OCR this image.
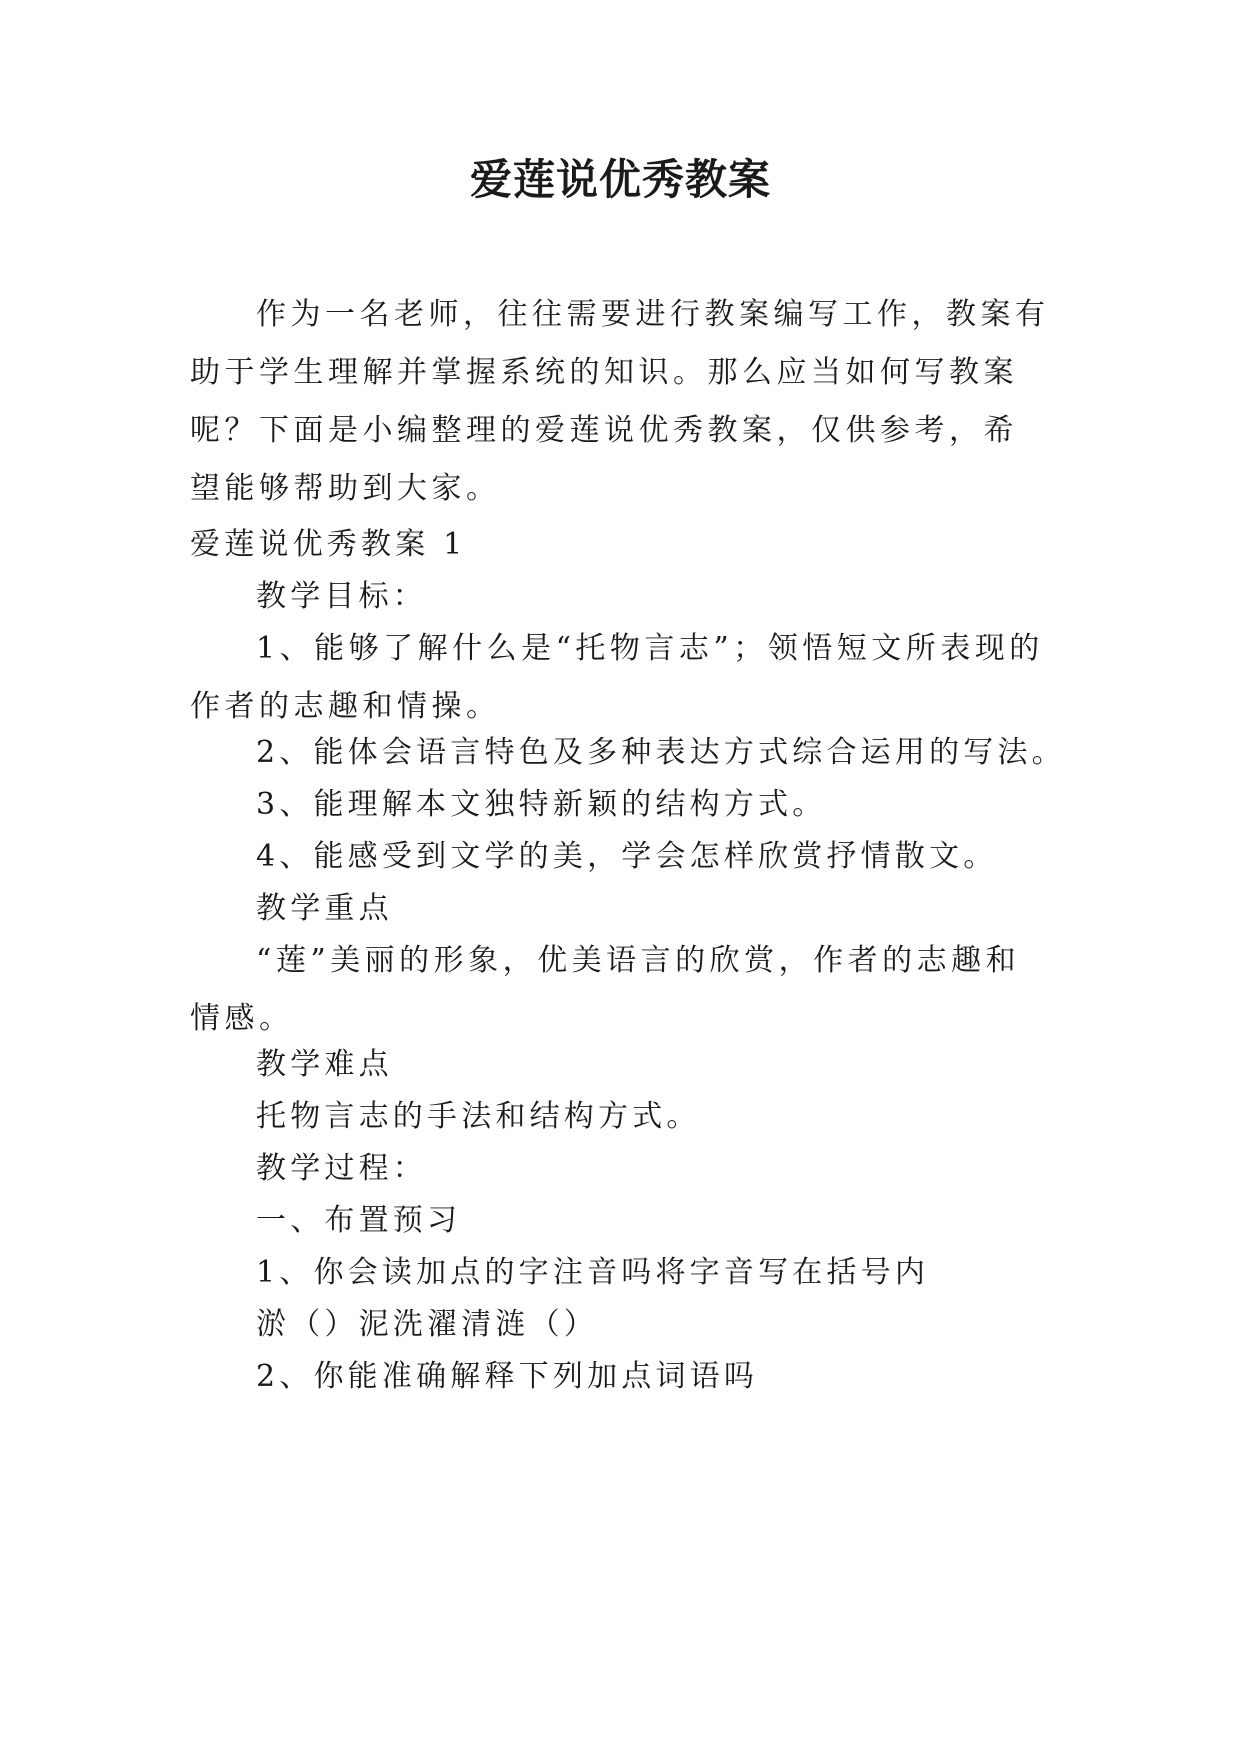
爱莲说优秀教案

作为一名老师，往往需要进行教案编写工作，教案有助于学生理解并掌握系统的知识。那么应当如何写教案呢？下面是小编整理的爱莲说优秀教案，仅供参考，希望能够帮助到大家。

爱莲说优秀教案 1

教学目标：

1、能够了解什么是“托物言志”；领悟短文所表现的作者的志趣和情操。

2、能体会语言特色及多种表达方式综合运用的写法。

3、能理解本文独特新颖的结构方式。

4、能感受到文学的美，学会怎样欣赏抒情散文。

教学重点

“莲”美丽的形象，优美语言的欣赏，作者的志趣和情感。

教学难点

托物言志的手法和结构方式。

教学过程：

一、布置预习

1、你会读加点的字注音吗将字音写在括号内

淤（）泥洗濯清涟（）

2、你能准确解释下列加点词语吗
